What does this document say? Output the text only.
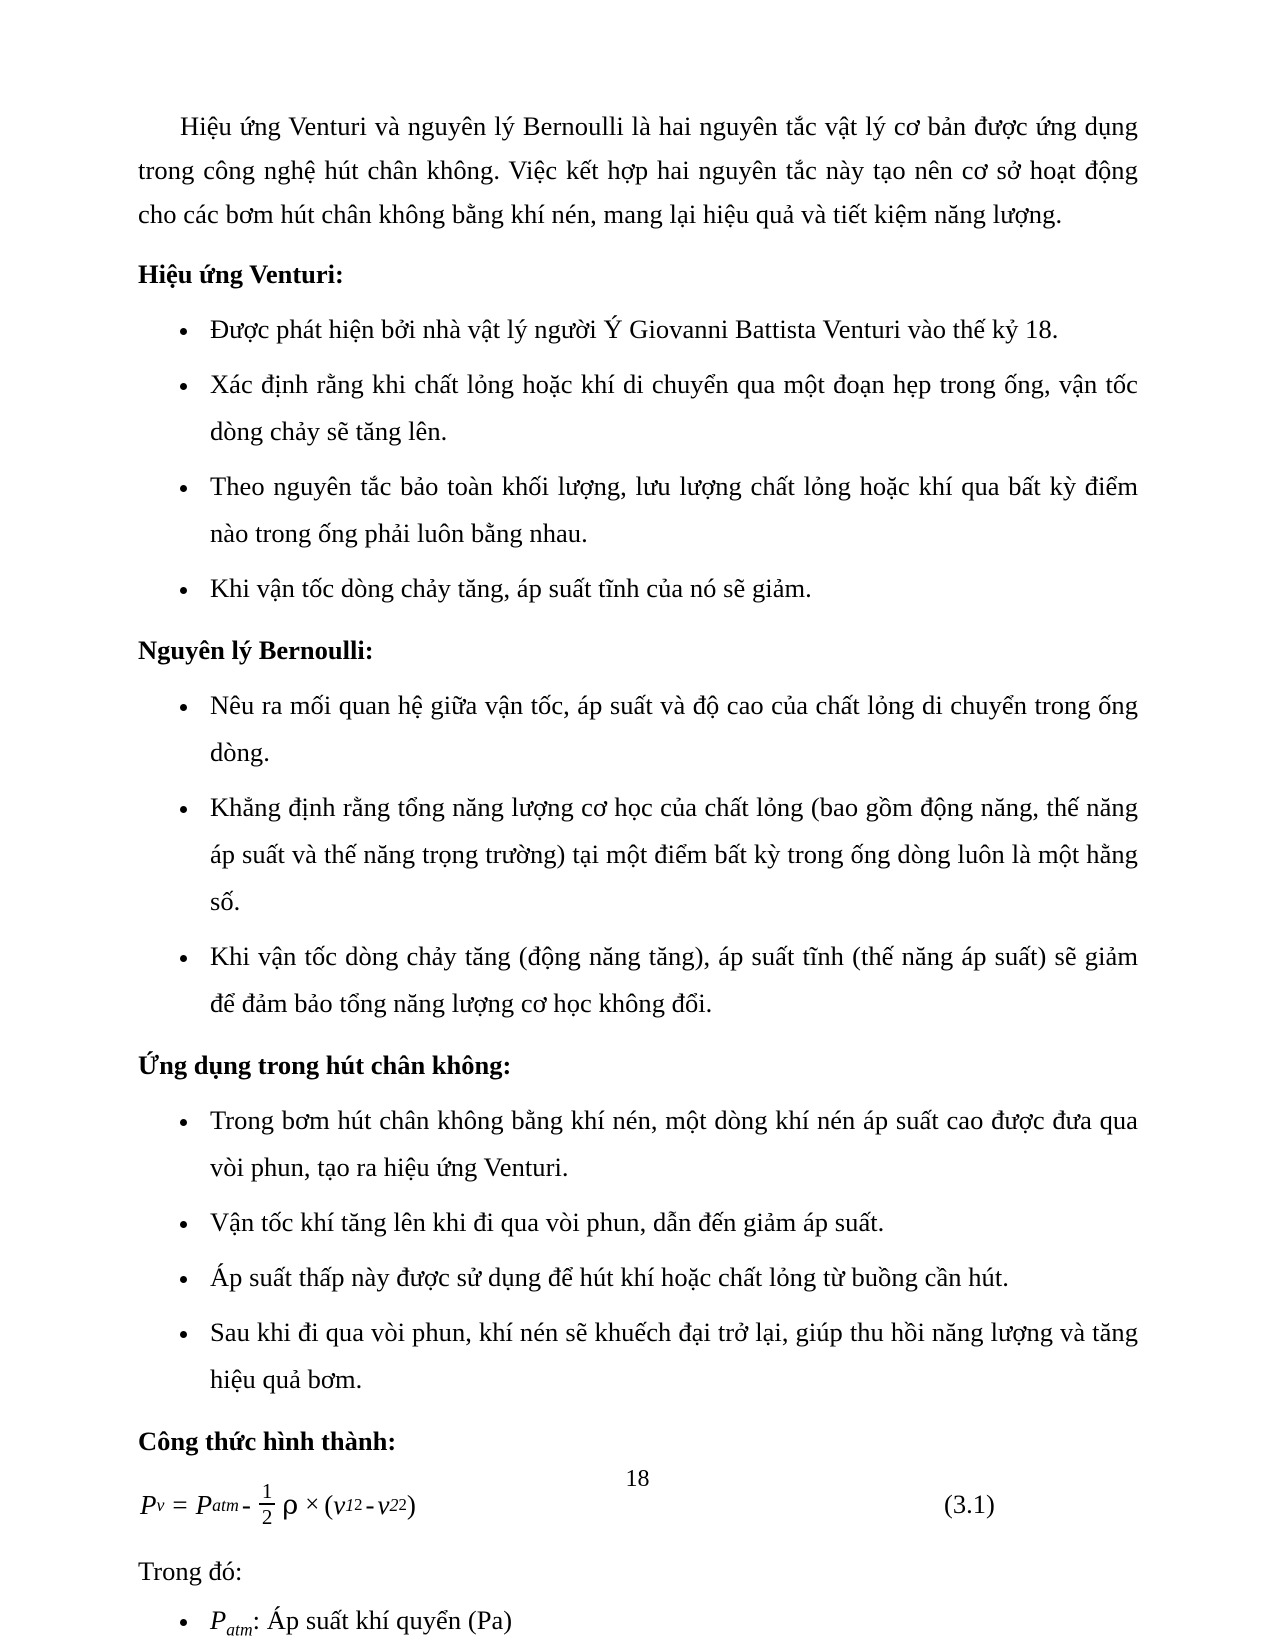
Hiệu ứng Venturi và nguyên lý Bernoulli là hai nguyên tắc vật lý cơ bản được ứng dụng trong công nghệ hút chân không. Việc kết hợp hai nguyên tắc này tạo nên cơ sở hoạt động cho các bơm hút chân không bằng khí nén, mang lại hiệu quả và tiết kiệm năng lượng.

Hiệu ứng Venturi:
Được phát hiện bởi nhà vật lý người Ý Giovanni Battista Venturi vào thế kỷ 18.
Xác định rằng khi chất lỏng hoặc khí di chuyển qua một đoạn hẹp trong ống, vận tốc dòng chảy sẽ tăng lên.
Theo nguyên tắc bảo toàn khối lượng, lưu lượng chất lỏng hoặc khí qua bất kỳ điểm nào trong ống phải luôn bằng nhau.
Khi vận tốc dòng chảy tăng, áp suất tĩnh của nó sẽ giảm.
Nguyên lý Bernoulli:
Nêu ra mối quan hệ giữa vận tốc, áp suất và độ cao của chất lỏng di chuyển trong ống dòng.
Khẳng định rằng tổng năng lượng cơ học của chất lỏng (bao gồm động năng, thế năng áp suất và thế năng trọng trường) tại một điểm bất kỳ trong ống dòng luôn là một hằng số.
Khi vận tốc dòng chảy tăng (động năng tăng), áp suất tĩnh (thế năng áp suất) sẽ giảm để đảm bảo tổng năng lượng cơ học không đổi.
Ứng dụng trong hút chân không:
Trong bơm hút chân không bằng khí nén, một dòng khí nén áp suất cao được đưa qua vòi phun, tạo ra hiệu ứng Venturi.
Vận tốc khí tăng lên khi đi qua vòi phun, dẫn đến giảm áp suất.
Áp suất thấp này được sử dụng để hút khí hoặc chất lỏng từ buồng cần hút.
Sau khi đi qua vòi phun, khí nén sẽ khuếch đại trở lại, giúp thu hồi năng lượng và tăng hiệu quả bơm.
Công thức hình thành:
P v = P atm - $\frac{1}{2}$ ρ × ( v 1 2 - v 2 2 )	(3.1)
Trong đó:
$P_{atm}$: Áp suất khí quyển (Pa)
18
